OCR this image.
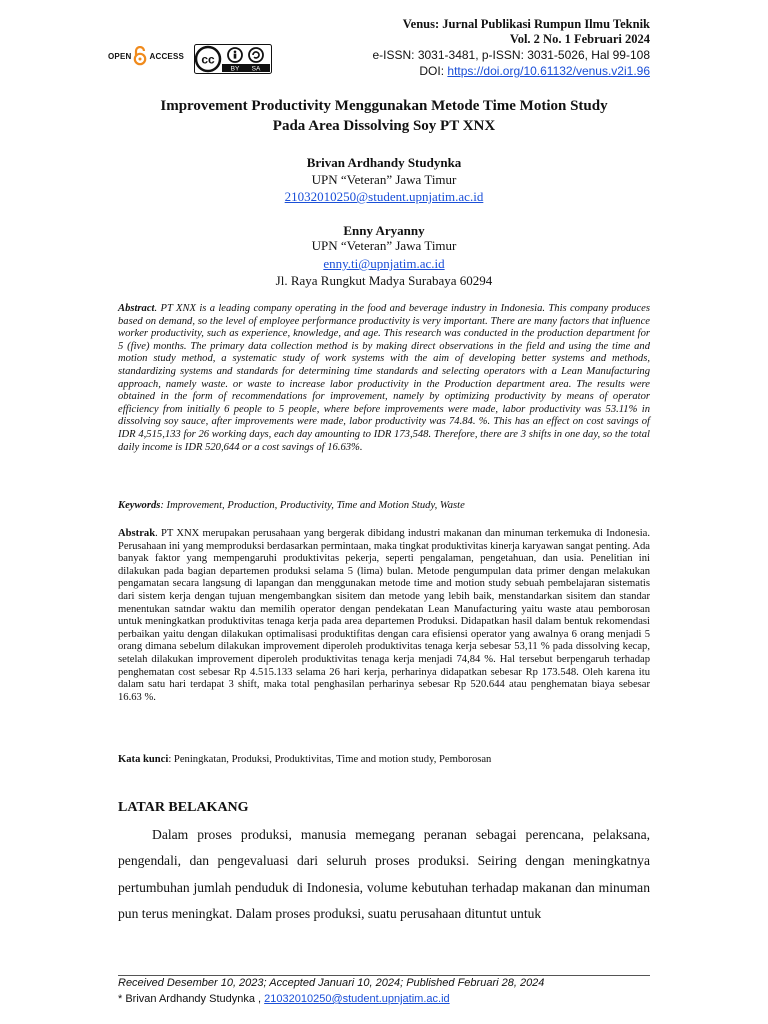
OPEN ACCESS cc
BY SA
Venus: Jurnal Publikasi Rumpun Ilmu Teknik
Vol. 2 No. 1 Februari 2024
e-ISSN: 3031-3481, p-ISSN: 3031-5026, Hal 99-108
DOI: https://doi.org/10.61132/venus.v2i1.96
Improvement Productivity Menggunakan Metode Time Motion Study
Pada Area Dissolving Soy PT XNX
Brivan Ardhandy Studynka
UPN “Veteran” Jawa Timur
21032010250@student.upnjatim.ac.id
Enny Aryanny
UPN “Veteran” Jawa Timur
enny.ti@upnjatim.ac.id
Jl. Raya Rungkut Madya Surabaya 60294
Abstract. PT XNX is a leading company operating in the food and beverage industry in Indonesia. This company produces based on demand, so the level of employee performance productivity is very important. There are many factors that influence worker productivity, such as experience, knowledge, and age. This research was conducted in the production department for 5 (five) months. The primary data collection method is by making direct observations in the field and using the time and motion study method, a systematic study of work systems with the aim of developing better systems and methods, standardizing systems and standards for determining time standards and selecting operators with a Lean Manufacturing approach, namely waste. or waste to increase labor productivity in the Production department area. The results were obtained in the form of recommendations for improvement, namely by optimizing productivity by means of operator efficiency from initially 6 people to 5 people, where before improvements were made, labor productivity was 53.11% in dissolving soy sauce, after improvements were made, labor productivity was 74.84. %. This has an effect on cost savings of IDR 4,515,133 for 26 working days, each day amounting to IDR 173,548. Therefore, there are 3 shifts in one day, so the total daily income is IDR 520,644 or a cost savings of 16.63%.
Keywords: Improvement, Production, Productivity, Time and Motion Study, Waste
Abstrak. PT XNX merupakan perusahaan yang bergerak dibidang industri makanan dan minuman terkemuka di Indonesia. Perusahaan ini yang memproduksi berdasarkan permintaan, maka tingkat produktivitas kinerja karyawan sangat penting. Ada banyak faktor yang mempengaruhi produktivitas pekerja, seperti pengalaman, pengetahuan, dan usia. Penelitian ini dilakukan pada bagian departemen produksi selama 5 (lima) bulan. Metode pengumpulan data primer dengan melakukan pengamatan secara langsung di lapangan dan menggunakan metode time and motion study sebuah pembelajaran sistematis dari sistem kerja dengan tujuan mengembangkan sisitem dan metode yang lebih baik, menstandarkan sisitem dan standar menentukan satndar waktu dan memilih operator dengan pendekatan Lean Manufacturing yaitu waste atau pemborosan untuk meningkatkan produktivitas tenaga kerja pada area departemen Produksi. Didapatkan hasil dalam bentuk rekomendasi perbaikan yaitu dengan dilakukan optimalisasi produktifitas dengan cara efisiensi operator yang awalnya 6 orang menjadi 5 orang dimana sebelum dilakukan improvement diperoleh produktivitas tenaga kerja sebesar 53,11 % pada dissolving kecap, setelah dilakukan improvement diperoleh produktivitas tenaga kerja menjadi 74,84 %. Hal tersebut berpengaruh terhadap penghematan cost sebesar Rp 4.515.133 selama 26 hari kerja, perharinya didapatkan sebesar Rp 173.548. Oleh karena itu dalam satu hari terdapat 3 shift, maka total penghasilan perharinya sebesar Rp 520.644 atau penghematan biaya sebesar 16.63 %.
Kata kunci: Peningkatan, Produksi, Produktivitas, Time and motion study, Pemborosan
LATAR BELAKANG
Dalam proses produksi, manusia memegang peranan sebagai perencana, pelaksana, pengendali, dan pengevaluasi dari seluruh proses produksi. Seiring dengan meningkatnya pertumbuhan jumlah penduduk di Indonesia, volume kebutuhan terhadap makanan dan minuman pun terus meningkat. Dalam proses produksi, suatu perusahaan dituntut untuk
Received Desember 10, 2023; Accepted Januari 10, 2024; Published Februari 28, 2024
* Brivan Ardhandy Studynka , 21032010250@student.upnjatim.ac.id
